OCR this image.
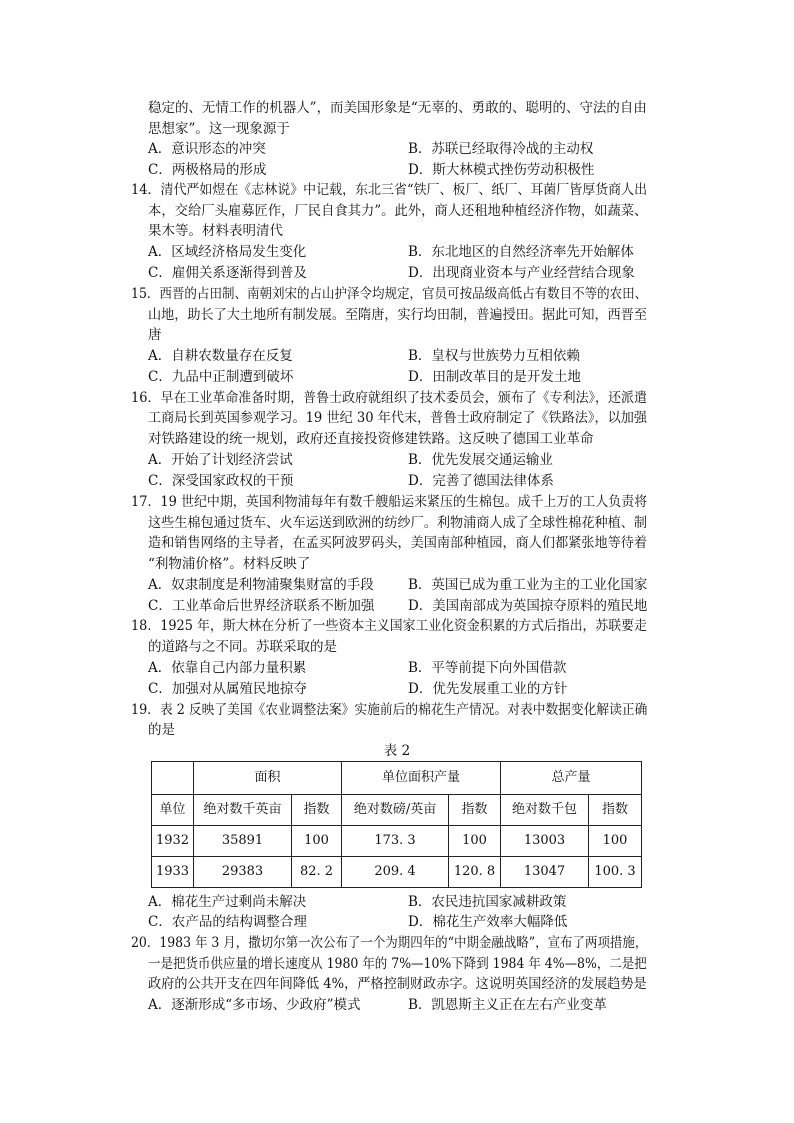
稳定的、无情工作的机器人”，而美国形象是“无辜的、勇敢的、聪明的、守法的自由
思想家”。这一现象源于
A．意识形态的冲突	B．苏联已经取得冷战的主动权
C．两极格局的形成	D．斯大林模式挫伤劳动积极性
14．清代严如煜在《志林说》中记载，东北三省“铁厂、板厂、纸厂、耳菌厂皆厚货商人出
本，交给厂头雇募匠作，厂民自食其力”。此外，商人还租地种植经济作物，如蔬菜、
果木等。材料表明清代
A．区域经济格局发生变化	B．东北地区的自然经济率先开始解体
C．雇佣关系逐渐得到普及	D．出现商业资本与产业经营结合现象
15．西晋的占田制、南朝刘宋的占山护泽令均规定，官员可按品级高低占有数目不等的农田、
山地，助长了大土地所有制发展。至隋唐，实行均田制，普遍授田。据此可知，西晋至
唐
A．自耕农数量存在反复	B．皇权与世族势力互相依赖
C．九品中正制遭到破坏	D．田制改革目的是开发土地
16．早在工业革命准备时期，普鲁士政府就组织了技术委员会，颁布了《专利法》，还派遣
工商局长到英国参观学习。19 世纪 30 年代末，普鲁士政府制定了《铁路法》，以加强
对铁路建设的统一规划，政府还直接投资修建铁路。这反映了德国工业革命
A．开始了计划经济尝试	B．优先发展交通运输业
C．深受国家政权的干预	D．完善了德国法律体系
17．19 世纪中期，英国利物浦每年有数千艘船运来紧压的生棉包。成千上万的工人负责将
这些生棉包通过货车、火车运送到欧洲的纺纱厂。利物浦商人成了全球性棉花种植、制
造和销售网络的主导者，在孟买阿波罗码头，美国南部种植园，商人们都紧张地等待着
“利物浦价格”。材料反映了
A．奴隶制度是利物浦聚集财富的手段	B．英国已成为重工业为主的工业化国家
C．工业革命后世界经济联系不断加强 D．美国南部成为英国掠夺原料的殖民地
18．1925 年，斯大林在分析了一些资本主义国家工业化资金积累的方式后指出，苏联要走
的道路与之不同。苏联采取的是
A．依靠自己内部力量积累	B．平等前提下向外国借款
C．加强对从属殖民地掠夺	D．优先发展重工业的方针
19．表 2 反映了美国《农业调整法案》实施前后的棉花生产情况。对表中数据变化解读正确
的是
表 2
	面积		单位面积产量		总产量	
单位	绝对数千英亩	指数	绝对数磅/英亩	指数	绝对数千包	指数
1932	35891	100	173. 3	100	13003	100
1933	29383	82. 2	209. 4	120. 8	13047	100. 3
A．棉花生产过剩尚未解决	B．农民违抗国家减耕政策
C．农产品的结构调整合理	D．棉花生产效率大幅降低
20．1983 年 3 月，撒切尔第一次公布了一个为期四年的“中期金融战略”，宣布了两项措施，
一是把货币供应量的增长速度从 1980 年的 7%—10%下降到 1984 年 4%—8%，二是把
政府的公共开支在四年间降低 4%，严格控制财政赤字。这说明英国经济的发展趋势是
A．逐渐形成“多市场、少政府”模式	B．凯恩斯主义正在左右产业变革
